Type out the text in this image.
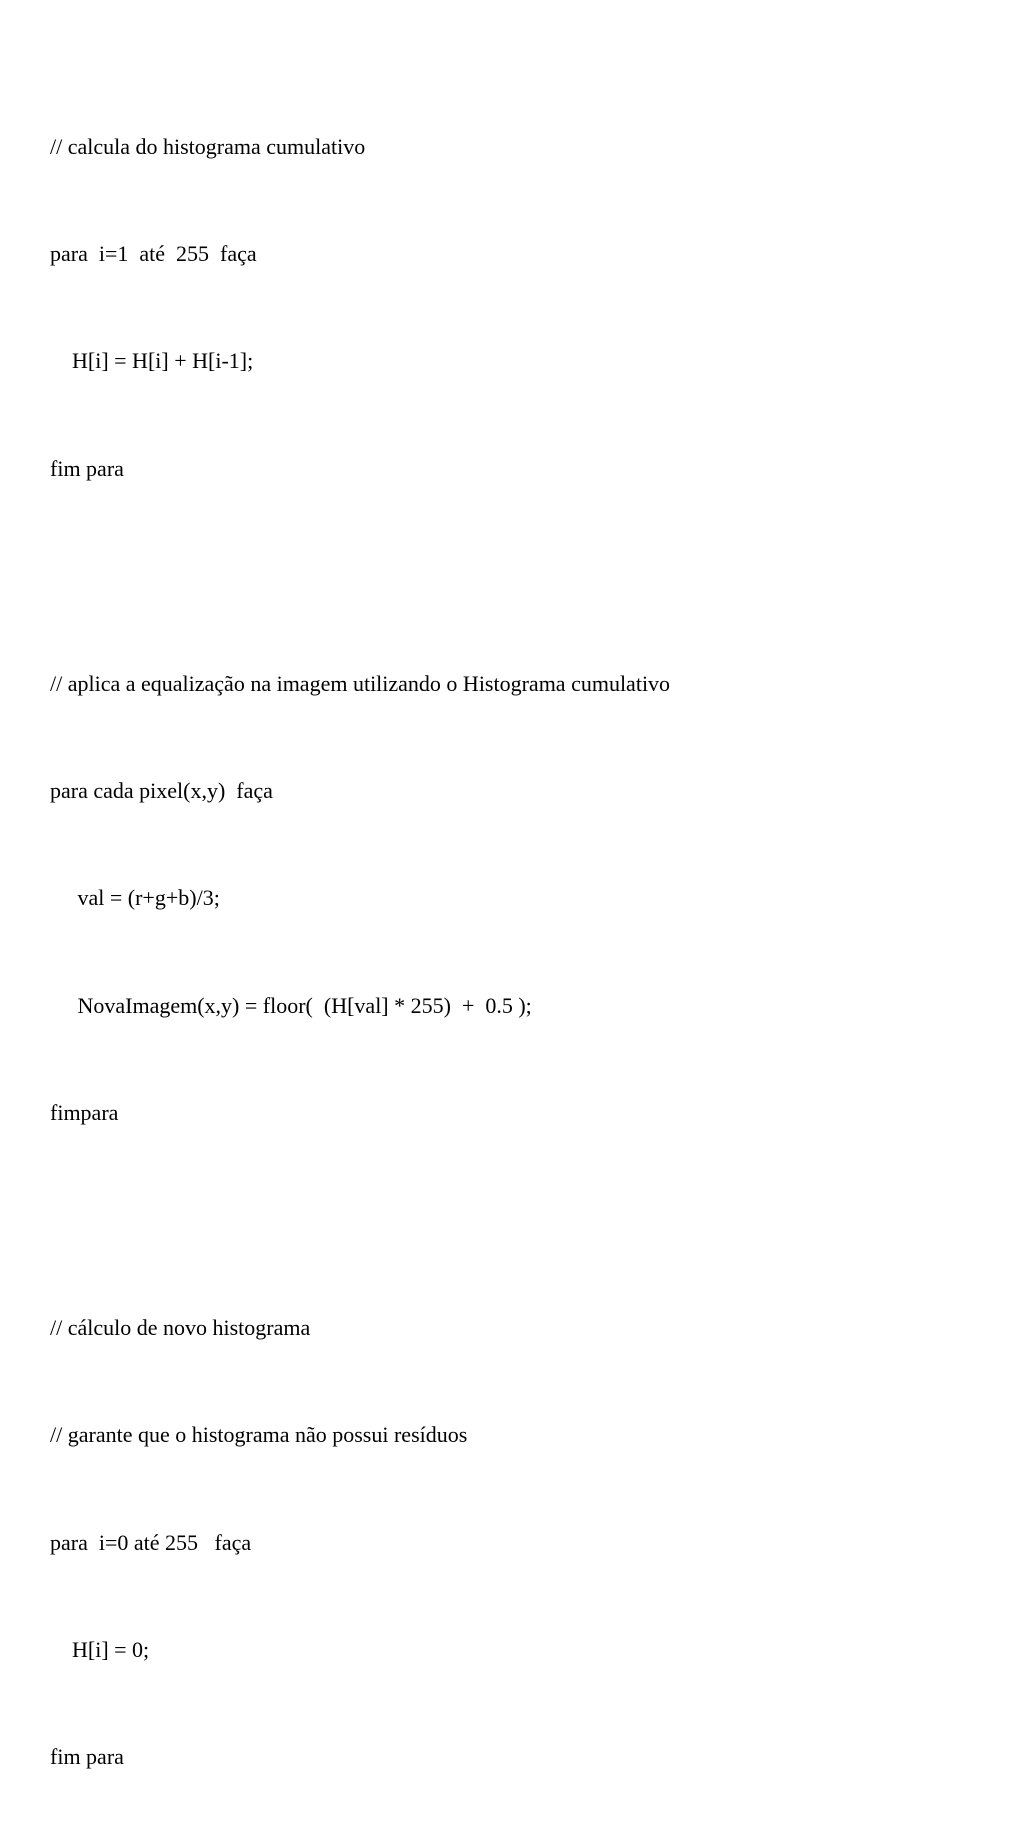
// calcula do histograma cumulativo

para  i=1  até  255  faça

H[i] = H[i] + H[i-1];

fim para

// aplica a equalização na imagem utilizando o Histograma cumulativo

para cada pixel(x,y)  faça

val = (r+g+b)/3;

NovaImagem(x,y) = floor(  (H[val] * 255)  +  0.5 );

fimpara

// cálculo de novo histograma

// garante que o histograma não possui resíduos

para  i=0 até 255   faça

H[i] = 0;

fim para
